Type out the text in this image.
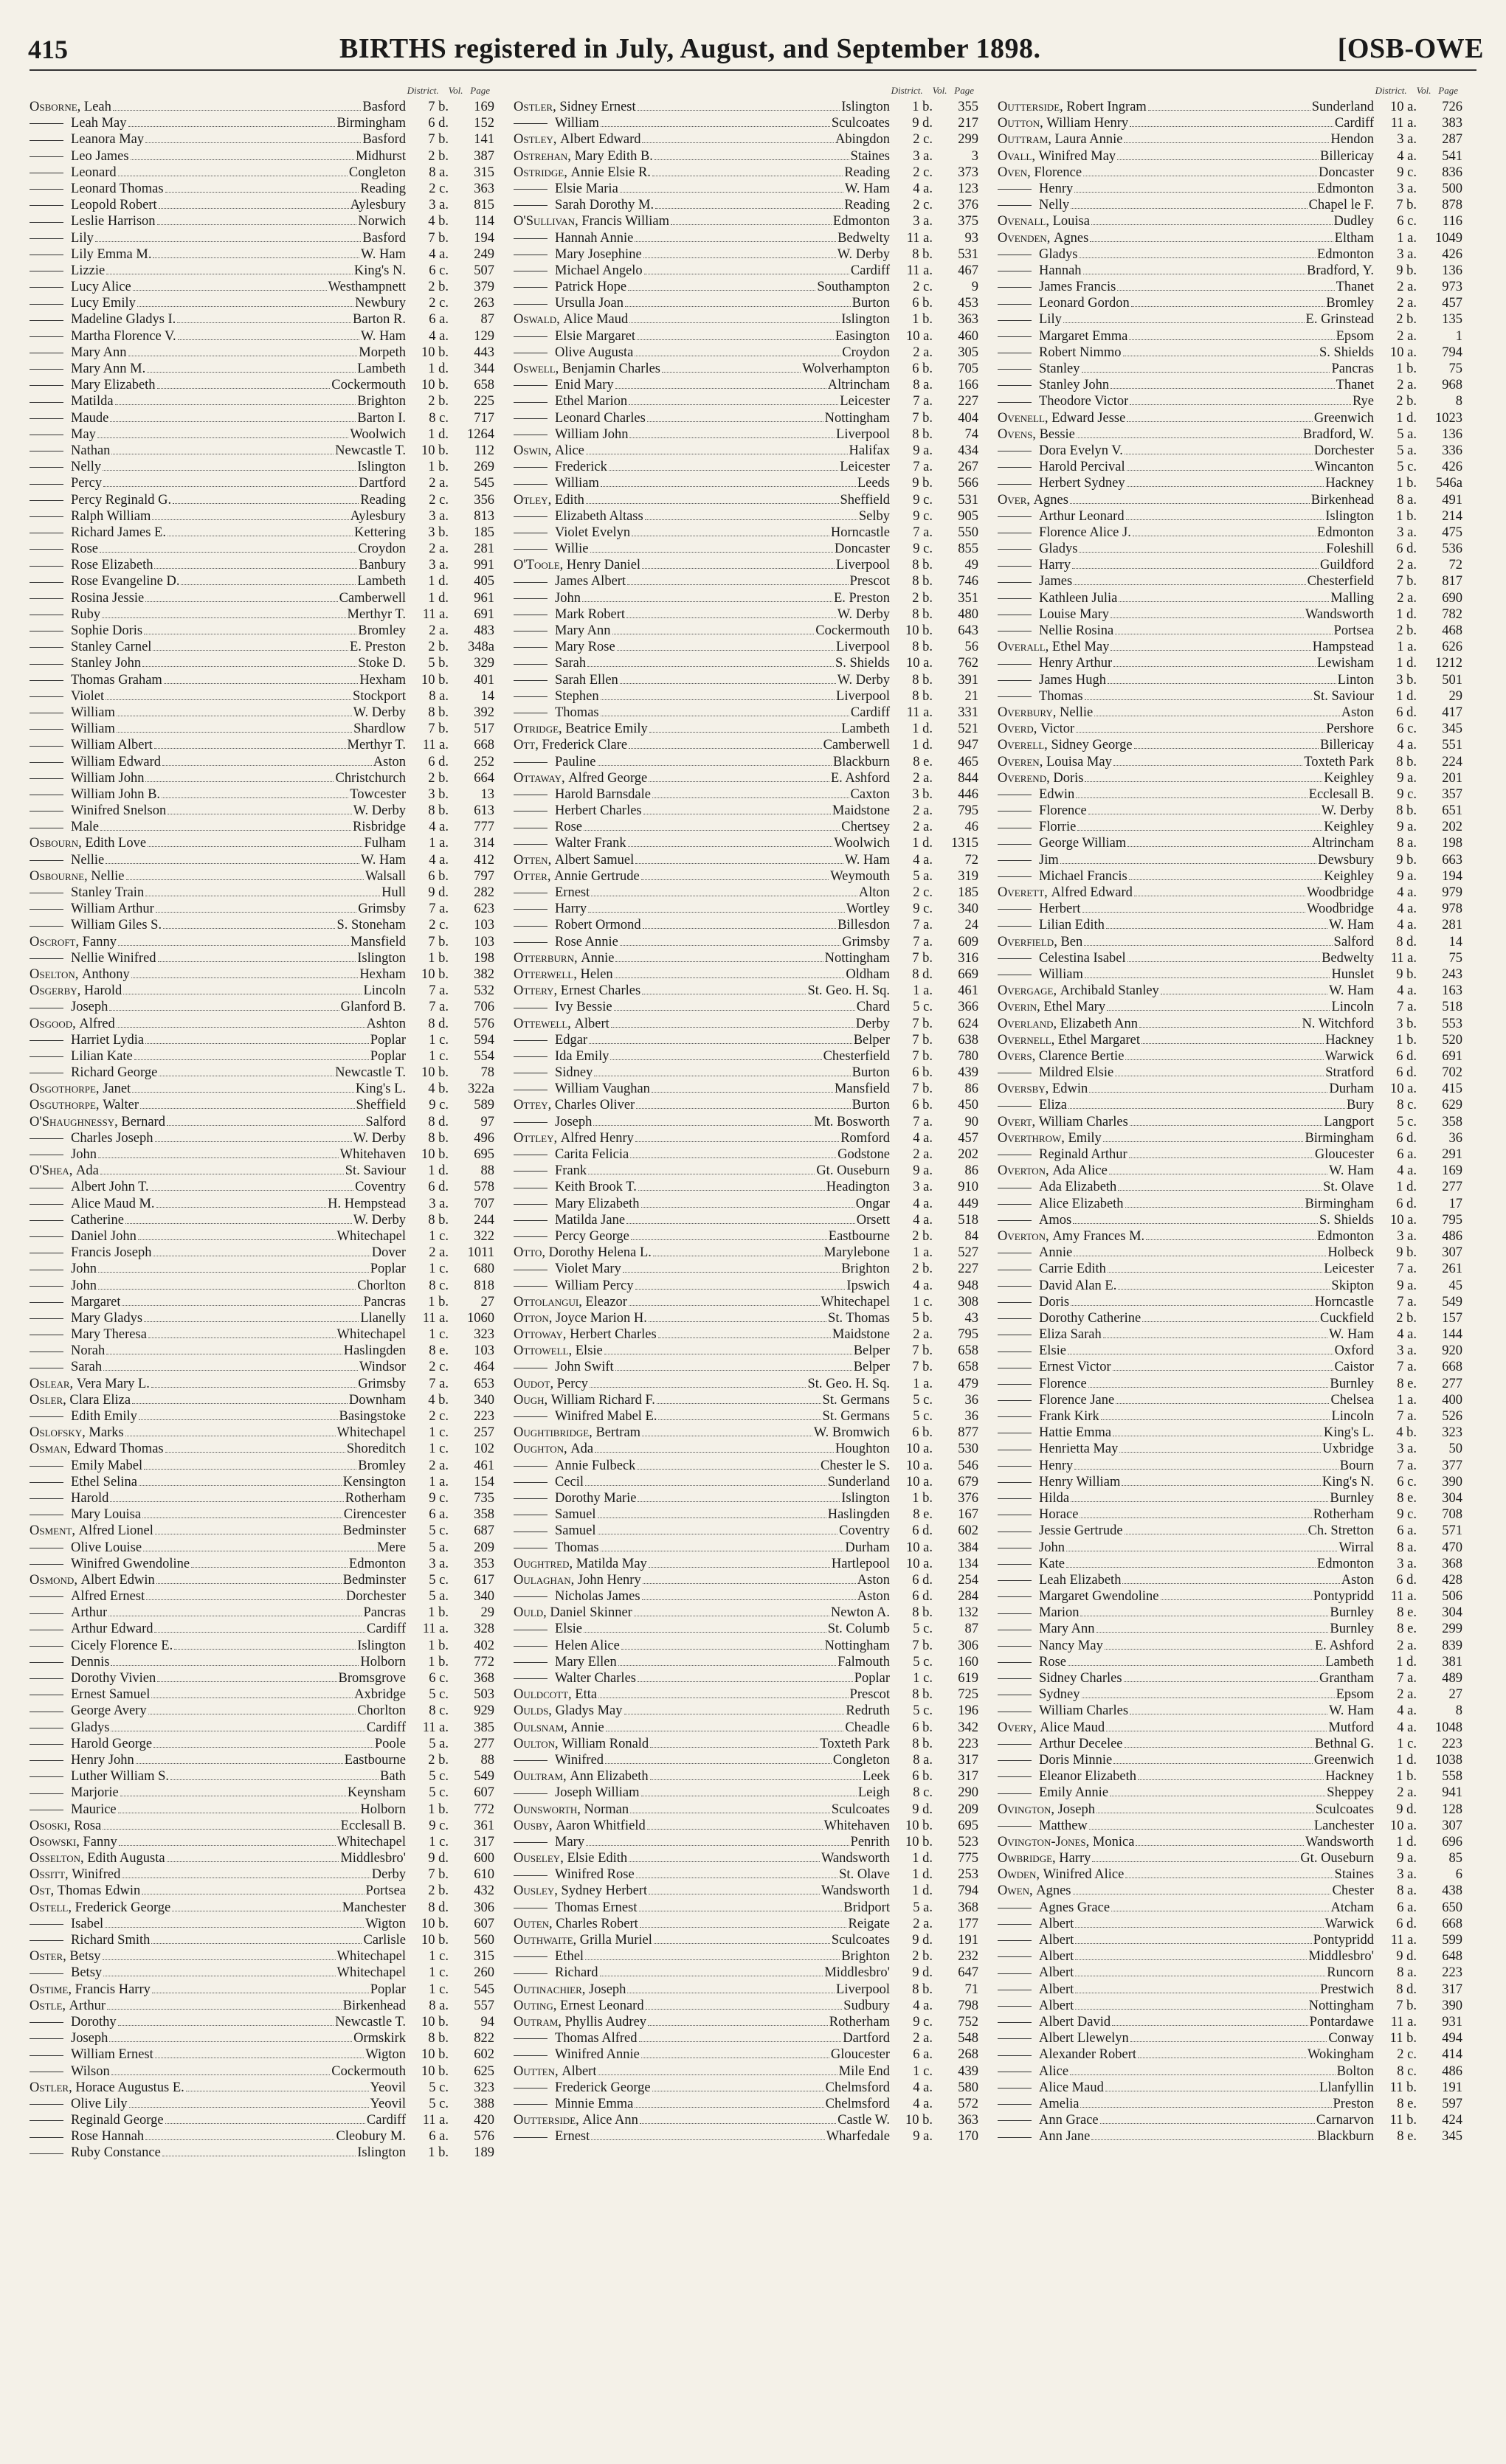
415	BIRTHS registered in July, August, and September 1898.	[OSB-OWE
District. Vol. Page
Osborne, Leah	Basford	7 b.	169
Leah May	Birmingham	6 d.	152
Leanora May	Basford	7 b.	141
Leo James	Midhurst	2 b.	387
Leonard	Congleton	8 a.	315
Leonard Thomas	Reading	2 c.	363
Leopold Robert	Aylesbury	3 a.	815
Leslie Harrison	Norwich	4 b.	114
Lily	Basford	7 b.	194
Lily Emma M.	W. Ham	4 a.	249
Lizzie	King's N.	6 c.	507
Lucy Alice	Westhampnett	2 b.	379
Lucy Emily	Newbury	2 c.	263
Madeline Gladys I.	Barton R.	6 a.	87
Martha Florence V.	W. Ham	4 a.	129
Mary Ann	Morpeth	10 b.	443
Mary Ann M.	Lambeth	1 d.	344
Mary Elizabeth	Cockermouth	10 b.	658
Matilda	Brighton	2 b.	225
Maude	Barton I.	8 c.	717
May	Woolwich	1 d.	1264
Nathan	Newcastle T.	10 b.	112
Nelly	Islington	1 b.	269
Percy	Dartford	2 a.	545
Percy Reginald G.	Reading	2 c.	356
Ralph William	Aylesbury	3 a.	813
Richard James E.	Kettering	3 b.	185
Rose	Croydon	2 a.	281
Rose Elizabeth	Banbury	3 a.	991
Rose Evangeline D.	Lambeth	1 d.	405
Rosina Jessie	Camberwell	1 d.	961
Ruby	Merthyr T.	11 a.	691
Sophie Doris	Bromley	2 a.	483
Stanley Carnel	E. Preston	2 b.	348a
Stanley John	Stoke D.	5 b.	329
Thomas Graham	Hexham	10 b.	401
Violet	Stockport	8 a.	14
William	W. Derby	8 b.	392
William	Shardlow	7 b.	517
William Albert	Merthyr T.	11 a.	668
William Edward	Aston	6 d.	252
William John	Christchurch	2 b.	664
William John B.	Towcester	3 b.	13
Winifred Snelson	W. Derby	8 b.	613
Male	Risbridge	4 a.	777
Osbourn, Edith Love	Fulham	1 a.	314
Nellie	W. Ham	4 a.	412
Osbourne, Nellie	Walsall	6 b.	797
Stanley Train	Hull	9 d.	282
William Arthur	Grimsby	7 a.	623
William Giles S.	S. Stoneham	2 c.	103
Oscroft, Fanny	Mansfield	7 b.	103
Nellie Winifred	Islington	1 b.	198
Oselton, Anthony	Hexham	10 b.	382
Osgerby, Harold	Lincoln	7 a.	532
Joseph	Glanford B.	7 a.	706
Osgood, Alfred	Ashton	8 d.	576
Harriet Lydia	Poplar	1 c.	594
Lilian Kate	Poplar	1 c.	554
Richard George	Newcastle T.	10 b.	78
Osgothorpe, Janet	King's L.	4 b.	322a
Osguthorpe, Walter	Sheffield	9 c.	589
O'Shaughnessy, Bernard	Salford	8 d.	97
Charles Joseph	W. Derby	8 b.	496
John	Whitehaven	10 b.	695
O'Shea, Ada	St. Saviour	1 d.	88
Albert John T.	Coventry	6 d.	578
Alice Maud M.	H. Hempstead	3 a.	707
Catherine	W. Derby	8 b.	244
Daniel John	Whitechapel	1 c.	322
Francis Joseph	Dover	2 a.	1011
John	Poplar	1 c.	680
John	Chorlton	8 c.	818
Margaret	Pancras	1 b.	27
Mary Gladys	Llanelly	11 a.	1060
Mary Theresa	Whitechapel	1 c.	323
Norah	Haslingden	8 e.	103
Sarah	Windsor	2 c.	464
Oslear, Vera Mary L.	Grimsby	7 a.	653
Osler, Clara Eliza	Downham	4 b.	340
Edith Emily	Basingstoke	2 c.	223
Oslofsky, Marks	Whitechapel	1 c.	257
Osman, Edward Thomas	Shoreditch	1 c.	102
Emily Mabel	Bromley	2 a.	461
Ethel Selina	Kensington	1 a.	154
Harold	Rotherham	9 c.	735
Mary Louisa	Cirencester	6 a.	358
Osment, Alfred Lionel	Bedminster	5 c.	687
Olive Louise	Mere	5 a.	209
Winifred Gwendoline	Edmonton	3 a.	353
Osmond, Albert Edwin	Bedminster	5 c.	617
Alfred Ernest	Dorchester	5 a.	340
Arthur	Pancras	1 b.	29
Arthur Edward	Cardiff	11 a.	328
Cicely Florence E.	Islington	1 b.	402
Dennis	Holborn	1 b.	772
Dorothy Vivien	Bromsgrove	6 c.	368
Ernest Samuel	Axbridge	5 c.	503
George Avery	Chorlton	8 c.	929
Gladys	Cardiff	11 a.	385
Harold George	Poole	5 a.	277
Henry John	Eastbourne	2 b.	88
Luther William S.	Bath	5 c.	549
Marjorie	Keynsham	5 c.	607
Maurice	Holborn	1 b.	772
Ososki, Rosa	Ecclesall B.	9 c.	361
Osowski, Fanny	Whitechapel	1 c.	317
Osselton, Edith Augusta	Middlesbro'	9 d.	600
Ossitt, Winifred	Derby	7 b.	610
Ost, Thomas Edwin	Portsea	2 b.	432
Ostell, Frederick George	Manchester	8 d.	306
Isabel	Wigton	10 b.	607
Richard Smith	Carlisle	10 b.	560
Oster, Betsy	Whitechapel	1 c.	315
Betsy	Whitechapel	1 c.	260
Ostime, Francis Harry	Poplar	1 c.	545
Ostle, Arthur	Birkenhead	8 a.	557
Dorothy	Newcastle T.	10 b.	94
Joseph	Ormskirk	8 b.	822
William Ernest	Wigton	10 b.	602
Wilson	Cockermouth	10 b.	625
Ostler, Horace Augustus E.	Yeovil	5 c.	323
Olive Lily	Yeovil	5 c.	388
Reginald George	Cardiff	11 a.	420
Rose Hannah	Cleobury M.	6 a.	576
Ruby Constance	Islington	1 b.	189
District. Vol. Page
Ostler, Sidney Ernest	Islington	1 b.	355
William	Sculcoates	9 d.	217
Ostley, Albert Edward	Abingdon	2 c.	299
Ostrehan, Mary Edith B.	Staines	3 a.	3
Ostridge, Annie Elsie R.	Reading	2 c.	373
Elsie Maria	W. Ham	4 a.	123
Sarah Dorothy M.	Reading	2 c.	376
O'Sullivan, Francis William	Edmonton	3 a.	375
Hannah Annie	Bedwelty	11 a.	93
Mary Josephine	W. Derby	8 b.	531
Michael Angelo	Cardiff	11 a.	467
Patrick Hope	Southampton	2 c.	9
Ursulla Joan	Burton	6 b.	453
Oswald, Alice Maud	Islington	1 b.	363
Elsie Margaret	Easington	10 a.	460
Olive Augusta	Croydon	2 a.	305
Oswell, Benjamin Charles	Wolverhampton	6 b.	705
Enid Mary	Altrincham	8 a.	166
Ethel Marion	Leicester	7 a.	227
Leonard Charles	Nottingham	7 b.	404
William John	Liverpool	8 b.	74
Oswin, Alice	Halifax	9 a.	434
Frederick	Leicester	7 a.	267
William	Leeds	9 b.	566
Otley, Edith	Sheffield	9 c.	531
Elizabeth Altass	Selby	9 c.	905
Violet Evelyn	Horncastle	7 a.	550
Willie	Doncaster	9 c.	855
O'Toole, Henry Daniel	Liverpool	8 b.	49
James Albert	Prescot	8 b.	746
John	E. Preston	2 b.	351
Mark Robert	W. Derby	8 b.	480
Mary Ann	Cockermouth	10 b.	643
Mary Rose	Liverpool	8 b.	56
Sarah	S. Shields	10 a.	762
Sarah Ellen	W. Derby	8 b.	391
Stephen	Liverpool	8 b.	21
Thomas	Cardiff	11 a.	331
Otridge, Beatrice Emily	Lambeth	1 d.	521
Ott, Frederick Clare	Camberwell	1 d.	947
Pauline	Blackburn	8 e.	465
Ottaway, Alfred George	E. Ashford	2 a.	844
Harold Barnsdale	Caxton	3 b.	446
Herbert Charles	Maidstone	2 a.	795
Rose	Chertsey	2 a.	46
Walter Frank	Woolwich	1 d.	1315
Otten, Albert Samuel	W. Ham	4 a.	72
Otter, Annie Gertrude	Weymouth	5 a.	319
Ernest	Alton	2 c.	185
Harry	Wortley	9 c.	340
Robert Ormond	Billesdon	7 a.	24
Rose Annie	Grimsby	7 a.	609
Otterburn, Annie	Nottingham	7 b.	316
Otterwell, Helen	Oldham	8 d.	669
Ottery, Ernest Charles	St. Geo. H. Sq.	1 a.	461
Ivy Bessie	Chard	5 c.	366
Ottewell, Albert	Derby	7 b.	624
Edgar	Belper	7 b.	638
Ida Emily	Chesterfield	7 b.	780
Sidney	Burton	6 b.	439
William Vaughan	Mansfield	7 b.	86
Ottey, Charles Oliver	Burton	6 b.	450
Joseph	Mt. Bosworth	7 a.	90
Ottley, Alfred Henry	Romford	4 a.	457
Carita Felicia	Godstone	2 a.	202
Frank	Gt. Ouseburn	9 a.	86
Keith Brook T.	Headington	3 a.	910
Mary Elizabeth	Ongar	4 a.	449
Matilda Jane	Orsett	4 a.	518
Percy George	Eastbourne	2 b.	84
Otto, Dorothy Helena L.	Marylebone	1 a.	527
Violet Mary	Brighton	2 b.	227
William Percy	Ipswich	4 a.	948
Ottolangui, Eleazor	Whitechapel	1 c.	308
Otton, Joyce Marion H.	St. Thomas	5 b.	43
Ottoway, Herbert Charles	Maidstone	2 a.	795
Ottowell, Elsie	Belper	7 b.	658
John Swift	Belper	7 b.	658
Oudot, Percy	St. Geo. H. Sq.	1 a.	479
Ough, William Richard F.	St. Germans	5 c.	36
Winifred Mabel E.	St. Germans	5 c.	36
Oughtibridge, Bertram	W. Bromwich	6 b.	877
Oughton, Ada	Houghton	10 a.	530
Annie Fulbeck	Chester le S.	10 a.	546
Cecil	Sunderland	10 a.	679
Dorothy Marie	Islington	1 b.	376
Samuel	Haslingden	8 e.	167
Samuel	Coventry	6 d.	602
Thomas	Durham	10 a.	384
Oughtred, Matilda May	Hartlepool	10 a.	134
Oulaghan, John Henry	Aston	6 d.	254
Nicholas James	Aston	6 d.	284
Ould, Daniel Skinner	Newton A.	8 b.	132
Elsie	St. Columb	5 c.	87
Helen Alice	Nottingham	7 b.	306
Mary Ellen	Falmouth	5 c.	160
Walter Charles	Poplar	1 c.	619
Ouldcott, Etta	Prescot	8 b.	725
Oulds, Gladys May	Redruth	5 c.	196
Oulsnam, Annie	Cheadle	6 b.	342
Oulton, William Ronald	Toxteth Park	8 b.	223
Winifred	Congleton	8 a.	317
Oultram, Ann Elizabeth	Leek	6 b.	317
Joseph William	Leigh	8 c.	290
Ounsworth, Norman	Sculcoates	9 d.	209
Ousby, Aaron Whitfield	Whitehaven	10 b.	695
Mary	Penrith	10 b.	523
Ouseley, Elsie Edith	Wandsworth	1 d.	775
Winifred Rose	St. Olave	1 d.	253
Ousley, Sydney Herbert	Wandsworth	1 d.	794
Thomas Ernest	Bridport	5 a.	368
Outen, Charles Robert	Reigate	2 a.	177
Outhwaite, Grilla Muriel	Sculcoates	9 d.	191
Ethel	Brighton	2 b.	232
Richard	Middlesbro'	9 d.	647
Outinachier, Joseph	Liverpool	8 b.	71
Outing, Ernest Leonard	Sudbury	4 a.	798
Outram, Phyllis Audrey	Rotherham	9 c.	752
Thomas Alfred	Dartford	2 a.	548
Winifred Annie	Gloucester	6 a.	268
Outten, Albert	Mile End	1 c.	439
Frederick George	Chelmsford	4 a.	580
Minnie Emma	Chelmsford	4 a.	572
Outterside, Alice Ann	Castle W.	10 b.	363
Ernest	Wharfedale	9 a.	170
District. Vol. Page
Outterside, Robert Ingram	Sunderland	10 a.	726
Outton, William Henry	Cardiff	11 a.	383
Outtram, Laura Annie	Hendon	3 a.	287
Ovall, Winifred May	Billericay	4 a.	541
Oven, Florence	Doncaster	9 c.	836
Henry	Edmonton	3 a.	500
Nelly	Chapel le F.	7 b.	878
Ovenall, Louisa	Dudley	6 c.	116
Ovenden, Agnes	Eltham	1 a.	1049
Gladys	Edmonton	3 a.	426
Hannah	Bradford, Y.	9 b.	136
James Francis	Thanet	2 a.	973
Leonard Gordon	Bromley	2 a.	457
Lily	E. Grinstead	2 b.	135
Margaret Emma	Epsom	2 a.	1
Robert Nimmo	S. Shields	10 a.	794
Stanley	Pancras	1 b.	75
Stanley John	Thanet	2 a.	968
Theodore Victor	Rye	2 b.	8
Ovenell, Edward Jesse	Greenwich	1 d.	1023
Ovens, Bessie	Bradford, W.	5 a.	136
Dora Evelyn V.	Dorchester	5 a.	336
Harold Percival	Wincanton	5 c.	426
Herbert Sydney	Hackney	1 b.	546a
Over, Agnes	Birkenhead	8 a.	491
Arthur Leonard	Islington	1 b.	214
Florence Alice J.	Edmonton	3 a.	475
Gladys	Foleshill	6 d.	536
Harry	Guildford	2 a.	72
James	Chesterfield	7 b.	817
Kathleen Julia	Malling	2 a.	690
Louise Mary	Wandsworth	1 d.	782
Nellie Rosina	Portsea	2 b.	468
Overall, Ethel May	Hampstead	1 a.	626
Henry Arthur	Lewisham	1 d.	1212
James Hugh	Linton	3 b.	501
Thomas	St. Saviour	1 d.	29
Overbury, Nellie	Aston	6 d.	417
Overd, Victor	Pershore	6 c.	345
Overell, Sidney George	Billericay	4 a.	551
Overen, Louisa May	Toxteth Park	8 b.	224
Overend, Doris	Keighley	9 a.	201
Edwin	Ecclesall B.	9 c.	357
Florence	W. Derby	8 b.	651
Florrie	Keighley	9 a.	202
George William	Altrincham	8 a.	198
Jim	Dewsbury	9 b.	663
Michael Francis	Keighley	9 a.	194
Overett, Alfred Edward	Woodbridge	4 a.	979
Herbert	Woodbridge	4 a.	978
Lilian Edith	W. Ham	4 a.	281
Overfield, Ben	Salford	8 d.	14
Celestina Isabel	Bedwelty	11 a.	75
William	Hunslet	9 b.	243
Overgage, Archibald Stanley	W. Ham	4 a.	163
Overin, Ethel Mary	Lincoln	7 a.	518
Overland, Elizabeth Ann	N. Witchford	3 b.	553
Overnell, Ethel Margaret	Hackney	1 b.	520
Overs, Clarence Bertie	Warwick	6 d.	691
Mildred Elsie	Stratford	6 d.	702
Oversby, Edwin	Durham	10 a.	415
Eliza	Bury	8 c.	629
Overt, William Charles	Langport	5 c.	358
Overthrow, Emily	Birmingham	6 d.	36
Reginald Arthur	Gloucester	6 a.	291
Overton, Ada Alice	W. Ham	4 a.	169
Ada Elizabeth	St. Olave	1 d.	277
Alice Elizabeth	Birmingham	6 d.	17
Amos	S. Shields	10 a.	795
Overton, Amy Frances M.	Edmonton	3 a.	486
Annie	Holbeck	9 b.	307
Carrie Edith	Leicester	7 a.	261
David Alan E.	Skipton	9 a.	45
Doris	Horncastle	7 a.	549
Dorothy Catherine	Cuckfield	2 b.	157
Eliza Sarah	W. Ham	4 a.	144
Elsie	Oxford	3 a.	920
Ernest Victor	Caistor	7 a.	668
Florence	Burnley	8 e.	277
Florence Jane	Chelsea	1 a.	400
Frank Kirk	Lincoln	7 a.	526
Hattie Emma	King's L.	4 b.	323
Henrietta May	Uxbridge	3 a.	50
Henry	Bourn	7 a.	377
Henry William	King's N.	6 c.	390
Hilda	Burnley	8 e.	304
Horace	Rotherham	9 c.	708
Jessie Gertrude	Ch. Stretton	6 a.	571
John	Wirral	8 a.	470
Kate	Edmonton	3 a.	368
Leah Elizabeth	Aston	6 d.	428
Margaret Gwendoline	Pontypridd	11 a.	506
Marion	Burnley	8 e.	304
Mary Ann	Burnley	8 e.	299
Nancy May	E. Ashford	2 a.	839
Rose	Lambeth	1 d.	381
Sidney Charles	Grantham	7 a.	489
Sydney	Epsom	2 a.	27
William Charles	W. Ham	4 a.	8
Overy, Alice Maud	Mutford	4 a.	1048
Arthur Decelee	Bethnal G.	1 c.	223
Doris Minnie	Greenwich	1 d.	1038
Eleanor Elizabeth	Hackney	1 b.	558
Emily Annie	Sheppey	2 a.	941
Ovington, Joseph	Sculcoates	9 d.	128
Matthew	Lanchester	10 a.	307
Ovington-Jones, Monica	Wandsworth	1 d.	696
Owbridge, Harry	Gt. Ouseburn	9 a.	85
Owden, Winifred Alice	Staines	3 a.	6
Owen, Agnes	Chester	8 a.	438
Agnes Grace	Atcham	6 a.	650
Albert	Warwick	6 d.	668
Albert	Pontypridd	11 a.	599
Albert	Middlesbro'	9 d.	648
Albert	Runcorn	8 a.	223
Albert	Prestwich	8 d.	317
Albert	Nottingham	7 b.	390
Albert David	Pontardawe	11 a.	931
Albert Llewelyn	Conway	11 b.	494
Alexander Robert	Wokingham	2 c.	414
Alice	Bolton	8 c.	486
Alice Maud	Llanfyllin	11 b.	191
Amelia	Preston	8 e.	597
Ann Grace	Carnarvon	11 b.	424
Ann Jane	Blackburn	8 e.	345
